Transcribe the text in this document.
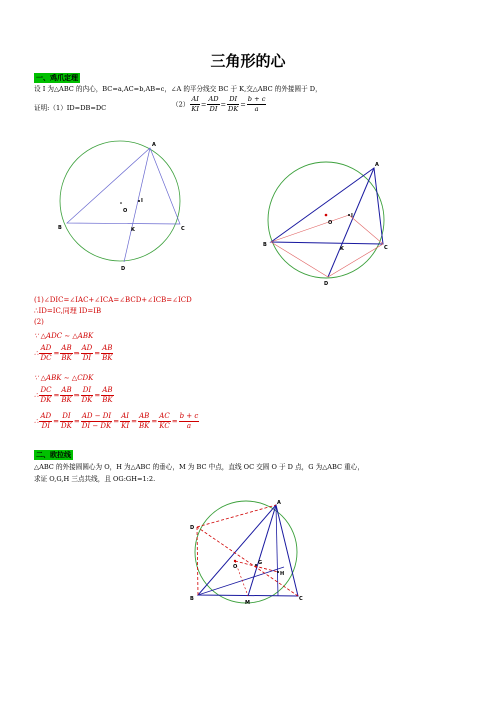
三角形的心
一、鸡爪定理
设 I 为△ABC 的内心，BC=a,AC=b,AB=c，∠A 的平分线交 BC 于 K,交△ABC 的外接圆于 D，
证明:（1）ID=DB=DC	$(2) \frac{AI}{KI} = \frac{AD}{DI} = \frac{DI}{DK} = \frac{b + c}{a}$
A
B	C
D
I
K
O
A
B	C
D
I
K
O
(1)∠DIC=∠IAC+∠ICA=∠BCD+∠ICB=∠ICD
∴ID=IC,同理 ID=IB
(2)
∵ △ADC ∼ △ABK
∴ $\frac{AD}{DC} = \frac{AB}{BK}$ ⇒ $\frac{AD}{DI} = \frac{AB}{BK}$
∵ △ABK ∼ △CDK
∴ $\frac{DC}{DK} = \frac{AB}{BK}$ ⇒ $\frac{DI}{DK} = \frac{AB}{BK}$
∴ $\frac{AD}{DI} = \frac{DI}{DK} = \frac{AD - DI}{DI - DK} = \frac{AI}{KI} = \frac{AB}{BK} = \frac{AC}{KC} = \frac{b + c}{a}$
二、欧拉线
△ABC 的外接圆圆心为 O，H 为△ABC 的垂心，M 为 BC 中点，直线 OC 交圆 O 于 D 点，G 为△ABC 重心，
求证 O,G,H 三点共线，且 OG:GH=1:2.
A
D
B	C
M
O
G
H
